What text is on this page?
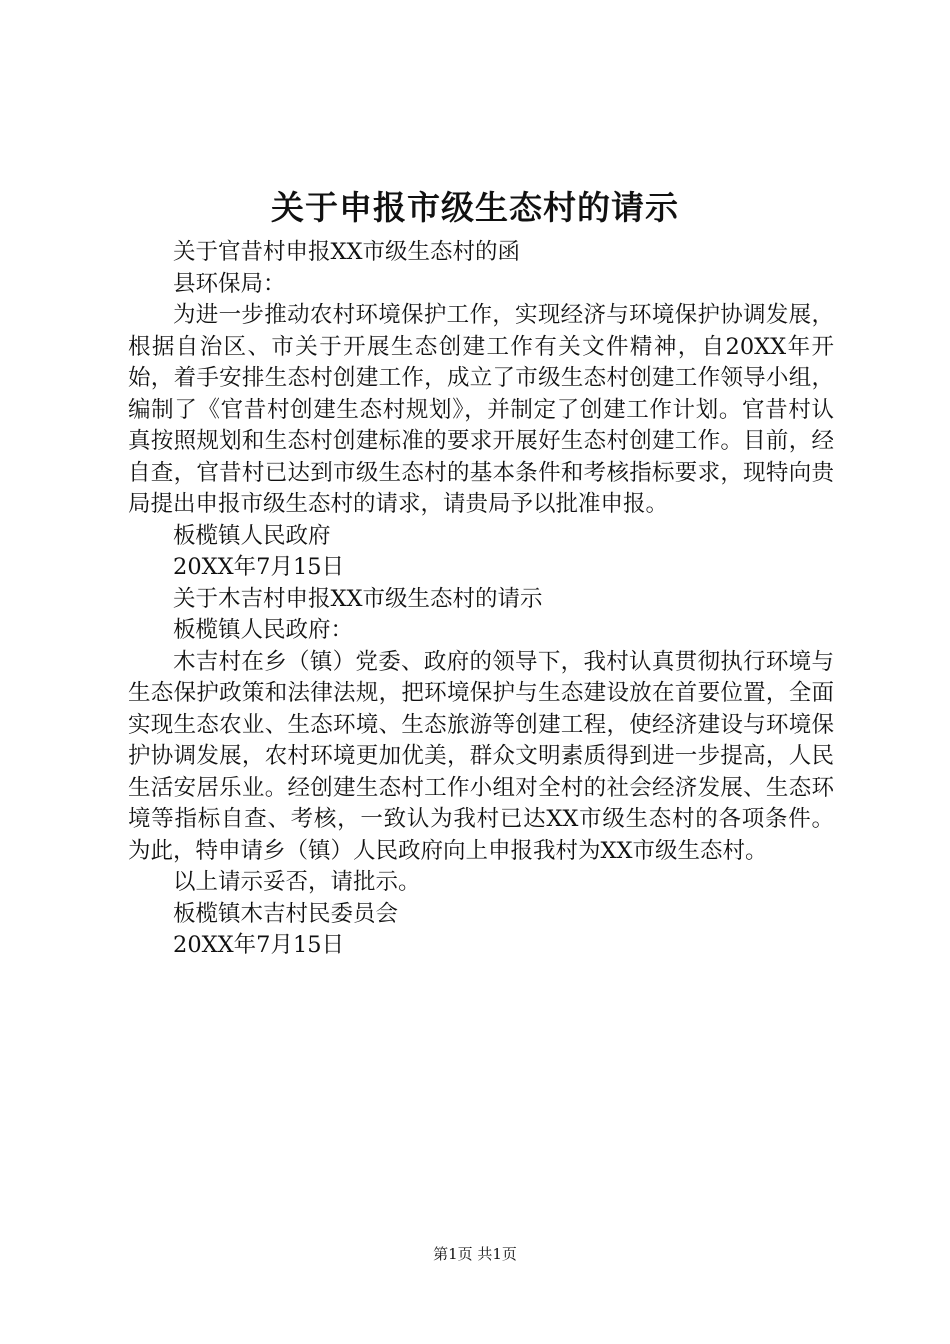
关于申报市级生态村的请示

关于官昔村申报XX市级生态村的函

县环保局：

为进一步推动农村环境保护工作，实现经济与环境保护协调发展，根据自治区、市关于开展生态创建工作有关文件精神，自20XX年开始，着手安排生态村创建工作，成立了市级生态村创建工作领导小组，编制了《官昔村创建生态村规划》，并制定了创建工作计划。官昔村认真按照规划和生态村创建标准的要求开展好生态村创建工作。目前，经自查，官昔村已达到市级生态村的基本条件和考核指标要求，现特向贵局提出申报市级生态村的请求，请贵局予以批准申报。

板榄镇人民政府

20XX年7月15日

关于木吉村申报XX市级生态村的请示

板榄镇人民政府：

木吉村在乡（镇）党委、政府的领导下，我村认真贯彻执行环境与生态保护政策和法律法规，把环境保护与生态建设放在首要位置，全面实现生态农业、生态环境、生态旅游等创建工程，使经济建设与环境保护协调发展，农村环境更加优美，群众文明素质得到进一步提高，人民生活安居乐业。经创建生态村工作小组对全村的社会经济发展、生态环境等指标自查、考核，一致认为我村已达XX市级生态村的各项条件。为此，特申请乡（镇）人民政府向上申报我村为XX市级生态村。

以上请示妥否，请批示。

板榄镇木吉村民委员会

20XX年7月15日

第1页 共1页
